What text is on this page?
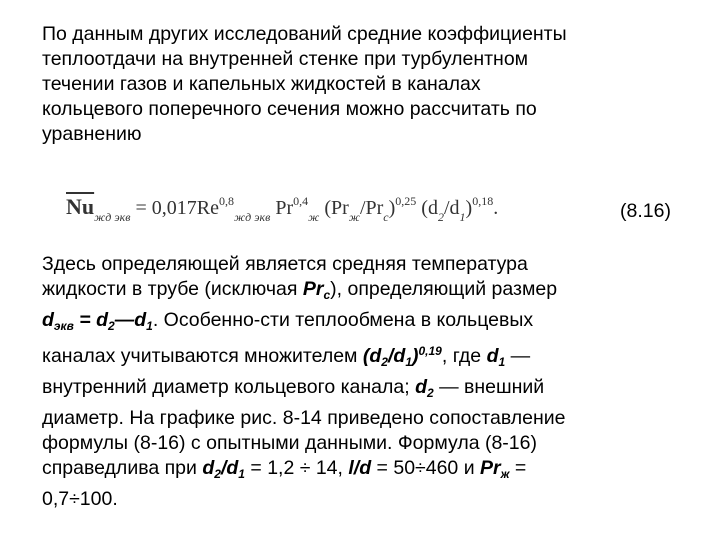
По данным других исследований средние коэффициенты
теплоотдачи на внутренней стенке при турбулентном
течении газов и капельных жидкостей в каналах
кольцевого поперечного сечения можно рассчитать по
уравнению
$\overline{Nu}_{жд экв} = 0,017Re^{0,8}_{жд экв}$ Pr$^{0,4}_ж$ $(Pr_ж/Pr_c)^{0,25}$ $(d_2/d_1)^{0,18}$.	(8.16)
Здесь определяющей является средняя температура
жидкости в трубе (исключая $Pr_c$), определяющий размер
$d_{экв}$ = $d_2—d_1$. Особенно-сти теплообмена в кольцевых
каналах учитываются множителем $(d_2/d_1)^{0,19}$, где $d_1$ —
внутренний диаметр кольцевого канала; $d_2$ — внешний
диаметр. На графике рис. 8-14 приведено сопоставление
формулы (8-16) с опытными данными. Формула (8-16)
справедлива при $d_2/d_1 = 1,2 \div 14$, l/d = 50÷460 и $Pr_ж$ =
0,7÷100.
